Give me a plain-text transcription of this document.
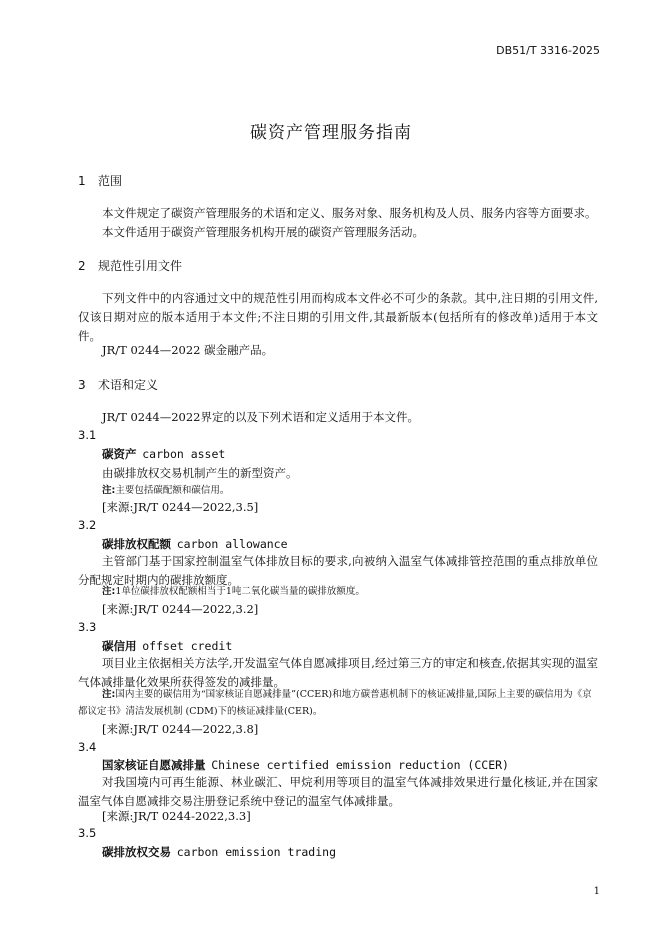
DB51/T 3316-2025
碳资产管理服务指南
1 范围
本文件规定了碳资产管理服务的术语和定义、服务对象、服务机构及人员、服务内容等方面要求。
本文件适用于碳资产管理服务机构开展的碳资产管理服务活动。
2 规范性引用文件
下列文件中的内容通过文中的规范性引用而构成本文件必不可少的条款。其中,注日期的引用文件,仅该日期对应的版本适用于本文件;不注日期的引用文件,其最新版本(包括所有的修改单)适用于本文件。
JR/T 0244—2022 碳金融产品。
3 术语和定义
JR/T 0244—2022界定的以及下列术语和定义适用于本文件。
3.1
碳资产 carbon asset
由碳排放权交易机制产生的新型资产。
注:主要包括碳配额和碳信用。
[来源:JR/T 0244—2022,3.5]
3.2
碳排放权配额 carbon allowance
主管部门基于国家控制温室气体排放目标的要求,向被纳入温室气体减排管控范围的重点排放单位分配规定时期内的碳排放额度。
注:1单位碳排放权配额相当于1吨二氧化碳当量的碳排放额度。
[来源:JR/T 0244—2022,3.2]
3.3
碳信用 offset credit
项目业主依据相关方法学,开发温室气体自愿减排项目,经过第三方的审定和核查,依据其实现的温室气体减排量化效果所获得签发的减排量。
注:国内主要的碳信用为“国家核证自愿减排量”(CCER)和地方碳普惠机制下的核证减排量,国际上主要的碳信用为《京都议定书》清洁发展机制 (CDM)下的核证减排量(CER)。
[来源:JR/T 0244—2022,3.8]
3.4
国家核证自愿减排量 Chinese certified emission reduction (CCER)
对我国境内可再生能源、林业碳汇、甲烷利用等项目的温室气体减排效果进行量化核证,并在国家温室气体自愿减排交易注册登记系统中登记的温室气体减排量。
[来源:JR/T 0244-2022,3.3]
3.5
碳排放权交易 carbon emission trading
1
